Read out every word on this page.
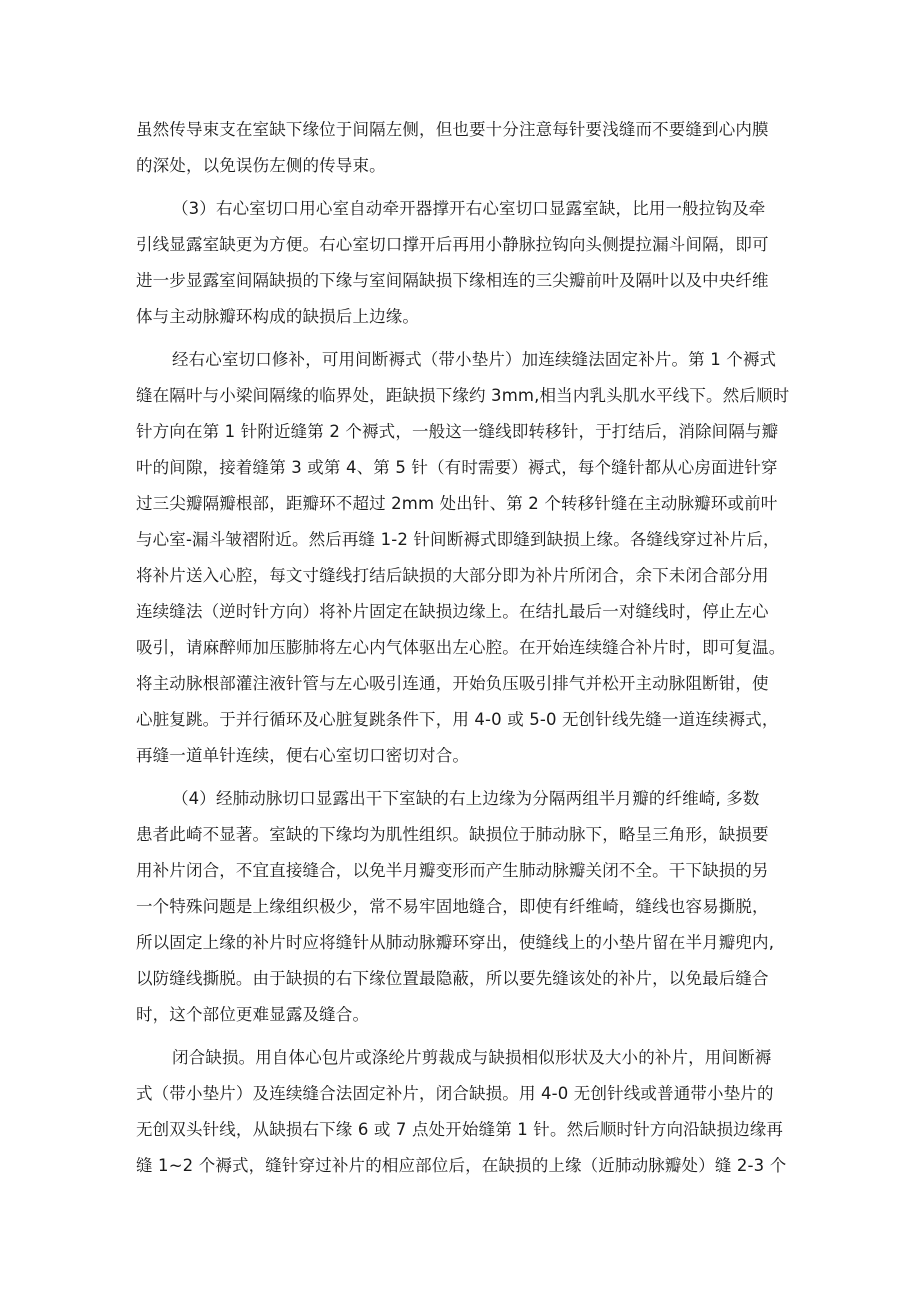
虽然传导束支在室缺下缘位于间隔左侧，但也要十分注意每针要浅缝而不要缝到心内膜
的深处，以免误伤左侧的传导束。
（3）右心室切口用心室自动牵开器撑开右心室切口显露室缺，比用一般拉钩及牵
引线显露室缺更为方便。右心室切口撑开后再用小静脉拉钩向头侧提拉漏斗间隔，即可
进一步显露室间隔缺损的下缘与室间隔缺损下缘相连的三尖瓣前叶及隔叶以及中央纤维
体与主动脉瓣环构成的缺损后上边缘。
经右心室切口修补，可用间断褥式（带小垫片）加连续缝法固定补片。第 1 个褥式
缝在隔叶与小梁间隔缘的临界处，距缺损下缘约 3mm,相当内乳头肌水平线下。然后顺时
针方向在第 1 针附近缝第 2 个褥式，一般这一缝线即转移针，于打结后，消除间隔与瓣
叶的间隙，接着缝第 3 或第 4、第 5 针（有时需要）褥式，每个缝针都从心房面进针穿
过三尖瓣隔瓣根部，距瓣环不超过 2mm 处出针、第 2 个转移针缝在主动脉瓣环或前叶
与心室-漏斗皱褶附近。然后再缝 1-2 针间断褥式即缝到缺损上缘。各缝线穿过补片后，
将补片送入心腔，每文寸缝线打结后缺损的大部分即为补片所闭合，余下未闭合部分用
连续缝法（逆时针方向）将补片固定在缺损边缘上。在结扎最后一对缝线时，停止左心
吸引，请麻醉师加压膨肺将左心内气体驱出左心腔。在开始连续缝合补片时，即可复温。
将主动脉根部灌注液针管与左心吸引连通，开始负压吸引排气并松开主动脉阻断钳，使
心脏复跳。于并行循环及心脏复跳条件下，用 4-0 或 5-0 无创针线先缝一道连续褥式，
再缝一道单针连续，便右心室切口密切对合。
（4）经肺动脉切口显露出干下室缺的右上边缘为分隔两组半月瓣的纤维崎, 多数
患者此崎不显著。室缺的下缘均为肌性组织。缺损位于肺动脉下，略呈三角形，缺损要
用补片闭合，不宜直接缝合，以免半月瓣变形而产生肺动脉瓣关闭不全。干下缺损的另
一个特殊问题是上缘组织极少，常不易牢固地缝合，即使有纤维崎，缝线也容易撕脱，
所以固定上缘的补片时应将缝针从肺动脉瓣环穿出，使缝线上的小垫片留在半月瓣兜内,
以防缝线撕脱。由于缺损的右下缘位置最隐蔽，所以要先缝该处的补片，以免最后缝合
时，这个部位更难显露及缝合。
闭合缺损。用自体心包片或涤纶片剪裁成与缺损相似形状及大小的补片，用间断褥
式（带小垫片）及连续缝合法固定补片，闭合缺损。用 4-0 无创针线或普通带小垫片的
无创双头针线，从缺损右下缘 6 或 7 点处开始缝第 1 针。然后顺时针方向沿缺损边缘再
缝 1~2 个褥式，缝针穿过补片的相应部位后，在缺损的上缘（近肺动脉瓣处）缝 2-3 个
